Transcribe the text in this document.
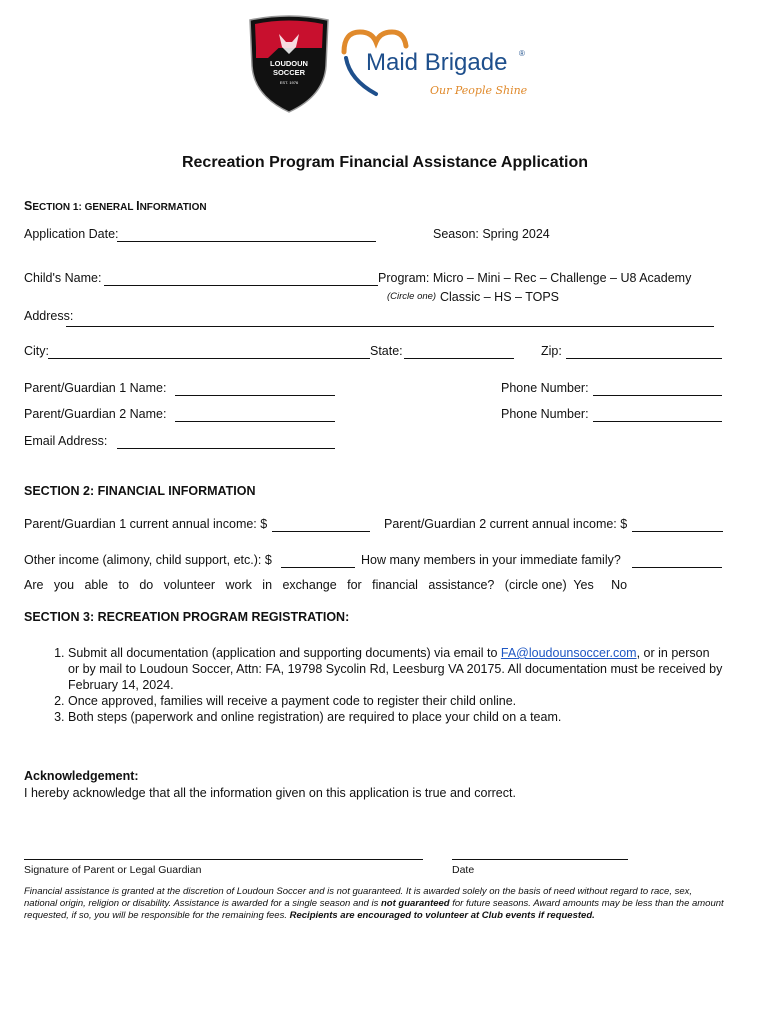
LOUDOUN
SOCCER
EST. 1976
Maid Brigade ®
Our People Shine
Recreation Program Financial Assistance Application
SECTION 1: GENERAL INFORMATION
Application Date:	Season: Spring 2024
Child's Name:	Program: Micro – Mini – Rec – Challenge – U8 Academy
(Circle one) Classic – HS – TOPS
Address:
City:	State:	Zip:
Parent/Guardian 1 Name:	Phone Number:
Parent/Guardian 2 Name:	Phone Number:
Email Address:
SECTION 2: FINANCIAL INFORMATION
Parent/Guardian 1 current annual income: $	Parent/Guardian 2 current annual income: $
Other income (alimony, child support, etc.): $	How many members in your immediate family?
Are   you   able   to   do   volunteer   work   in   exchange   for   financial   assistance?   (circle one)  Yes     No
SECTION 3: RECREATION PROGRAM REGISTRATION:
1. Submit all documentation (application and supporting documents) via email to FA@loudounsoccer.com, or in person or by mail to Loudoun Soccer, Attn: FA, 19798 Sycolin Rd, Leesburg VA 20175. All documentation must be received by February 14, 2024.
2. Once approved, families will receive a payment code to register their child online.
3. Both steps (paperwork and online registration) are required to place your child on a team.
Acknowledgement:
I hereby acknowledge that all the information given on this application is true and correct.
Signature of Parent or Legal Guardian	Date
Financial assistance is granted at the discretion of Loudoun Soccer and is not guaranteed. It is awarded solely on the basis of need without regard to race, sex, national origin, religion or disability. Assistance is awarded for a single season and is not guaranteed for future seasons. Award amounts may be less than the amount requested, if so, you will be responsible for the remaining fees. Recipients are encouraged to volunteer at Club events if requested.
